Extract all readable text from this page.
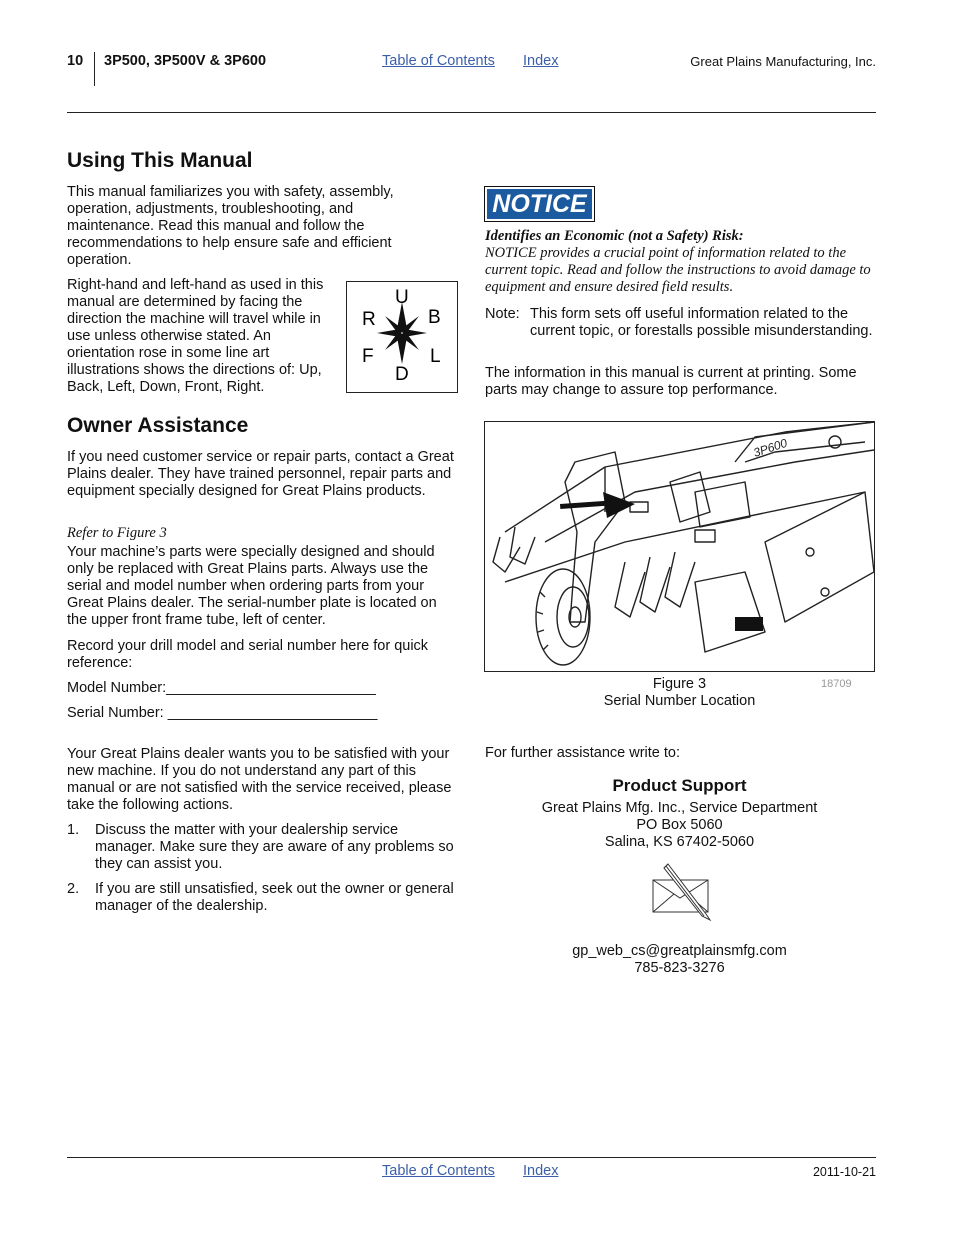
10 3P500, 3P500V & 3P600	Table of Contents Index	Great Plains Manufacturing, Inc.
Using This Manual

This manual familiarizes you with safety, assembly, operation, adjustments, troubleshooting, and maintenance. Read this manual and follow the recommendations to help ensure safe and efficient operation.

Right-hand and left-hand as used in this manual are determined by facing the direction the machine will travel while in use unless otherwise stated. An orientation rose in some line art illustrations shows the directions of: Up, Back, Left, Down, Front, Right.

U
D
R	B
F	L
Owner Assistance

If you need customer service or repair parts, contact a Great Plains dealer. They have trained personnel, repair parts and equipment specially designed for Great Plains products.

Refer to Figure 3

Your machine’s parts were specially designed and should only be replaced with Great Plains parts. Always use the serial and model number when ordering parts from your Great Plains dealer. The serial-number plate is located on the upper front frame tube, left of center.

Record your drill model and serial number here for quick reference:

Model Number:__________________________
Serial Number: __________________________

Your Great Plains dealer wants you to be satisfied with your new machine. If you do not understand any part of this manual or are not satisfied with the service received, please take the following actions.

1. Discuss the matter with your dealership service manager. Make sure they are aware of any problems so they can assist you.

2. If you are still unsatisfied, seek out the owner or general manager of the dealership.

NOTICE
Identifies an Economic (not a Safety) Risk:

NOTICE provides a crucial point of information related to the current topic. Read and follow the instructions to avoid damage to equipment and ensure desired field results.

Note: This form sets off useful information related to the current topic, or forestalls possible misunderstanding.

The information in this manual is current at printing. Some parts may change to assure top performance.

3P600
Figure 3
Serial Number Location
18709

For further assistance write to:

Product Support
Great Plains Mfg. Inc., Service Department
PO Box 5060
Salina, KS 67402-5060
gp_web_cs@greatplainsmfg.com
785-823-3276
Table of Contents Index	2011-10-21
